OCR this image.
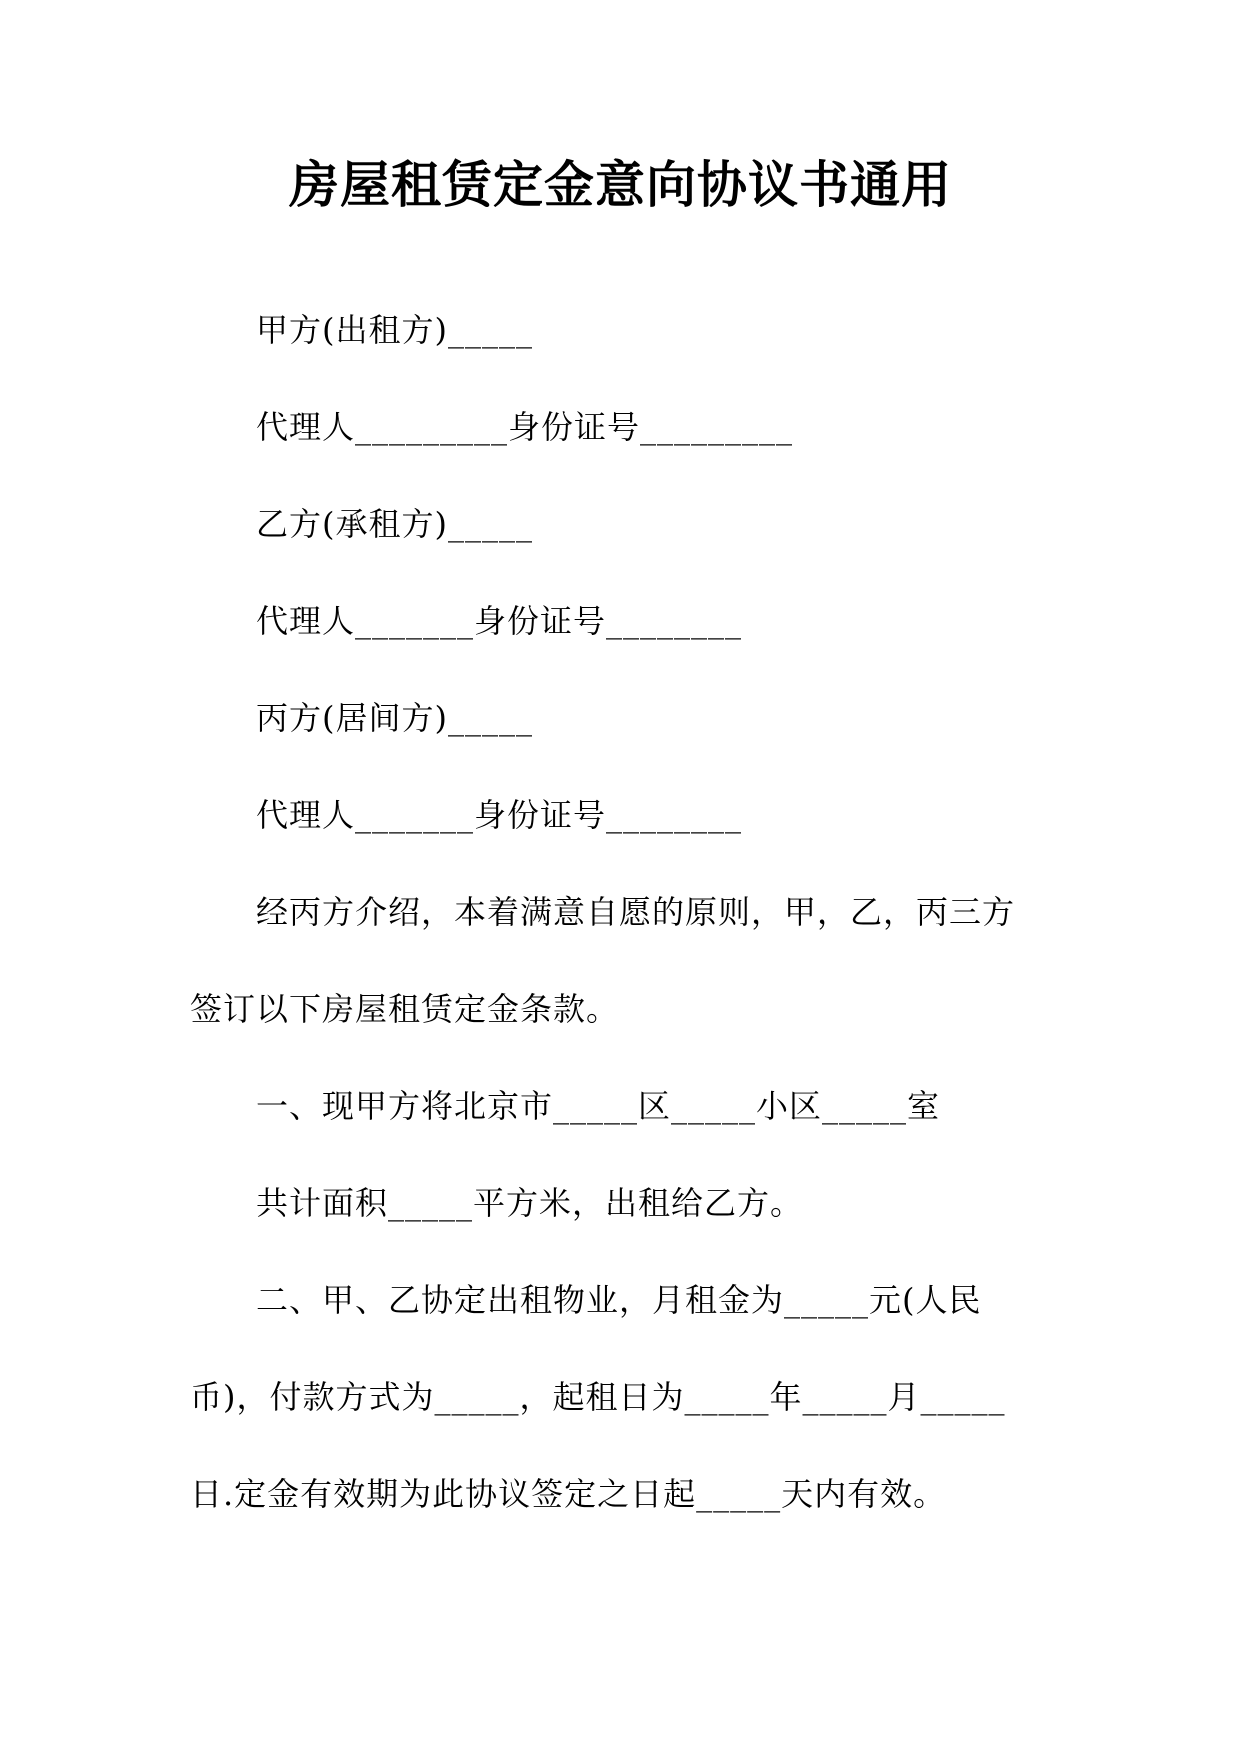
房屋租赁定金意向协议书通用
甲方(出租方)_____
代理人_________身份证号_________
乙方(承租方)_____
代理人_______身份证号________
丙方(居间方)_____
代理人_______身份证号________
经丙方介绍，本着满意自愿的原则，甲，乙，丙三方
签订以下房屋租赁定金条款。
一、现甲方将北京市_____区_____小区_____室
共计面积_____平方米，出租给乙方。
二、甲、乙协定出租物业，月租金为_____元(人民
币)，付款方式为_____，起租日为_____年_____月_____
日.定金有效期为此协议签定之日起_____天内有效。
